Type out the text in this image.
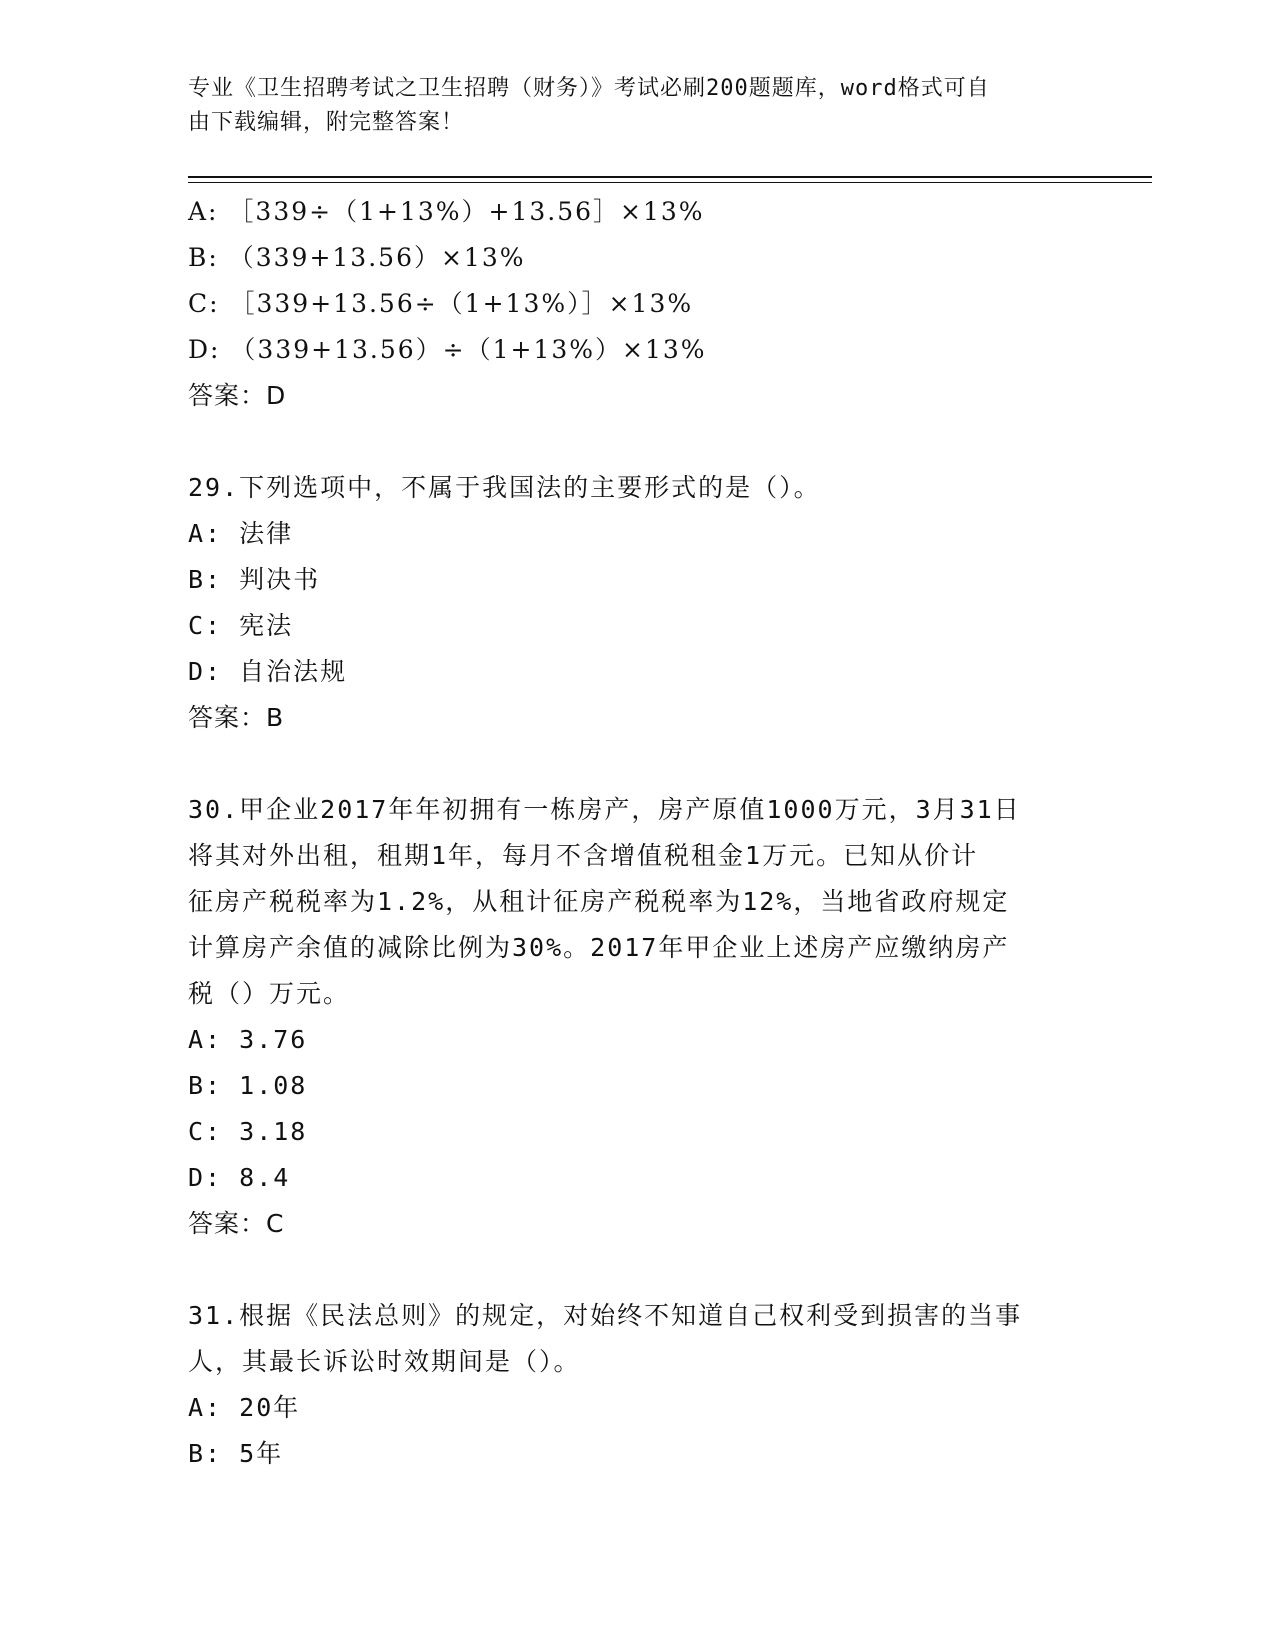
专业《卫生招聘考试之卫生招聘（财务）》考试必刷200题题库，word格式可自
由下载编辑，附完整答案！
A: ［339÷（1+13%）+13.56］×13%
B: （339+13.56）×13%
C: ［339+13.56÷（1+13%）］×13%
D: （339+13.56）÷（1+13%）×13%
答案：D
29.下列选项中，不属于我国法的主要形式的是（）。
A: 法律
B: 判决书
C: 宪法
D: 自治法规
答案：B
30.甲企业2017年年初拥有一栋房产，房产原值1000万元，3月31日
将其对外出租，租期1年，每月不含增值税租金1万元。已知从价计
征房产税税率为1.2%，从租计征房产税税率为12%，当地省政府规定
计算房产余值的减除比例为30%。2017年甲企业上述房产应缴纳房产
税（）万元。
A: 3.76
B: 1.08
C: 3.18
D: 8.4
答案：C
31.根据《民法总则》的规定，对始终不知道自己权利受到损害的当事
人，其最长诉讼时效期间是（）。
A: 20年
B: 5年
